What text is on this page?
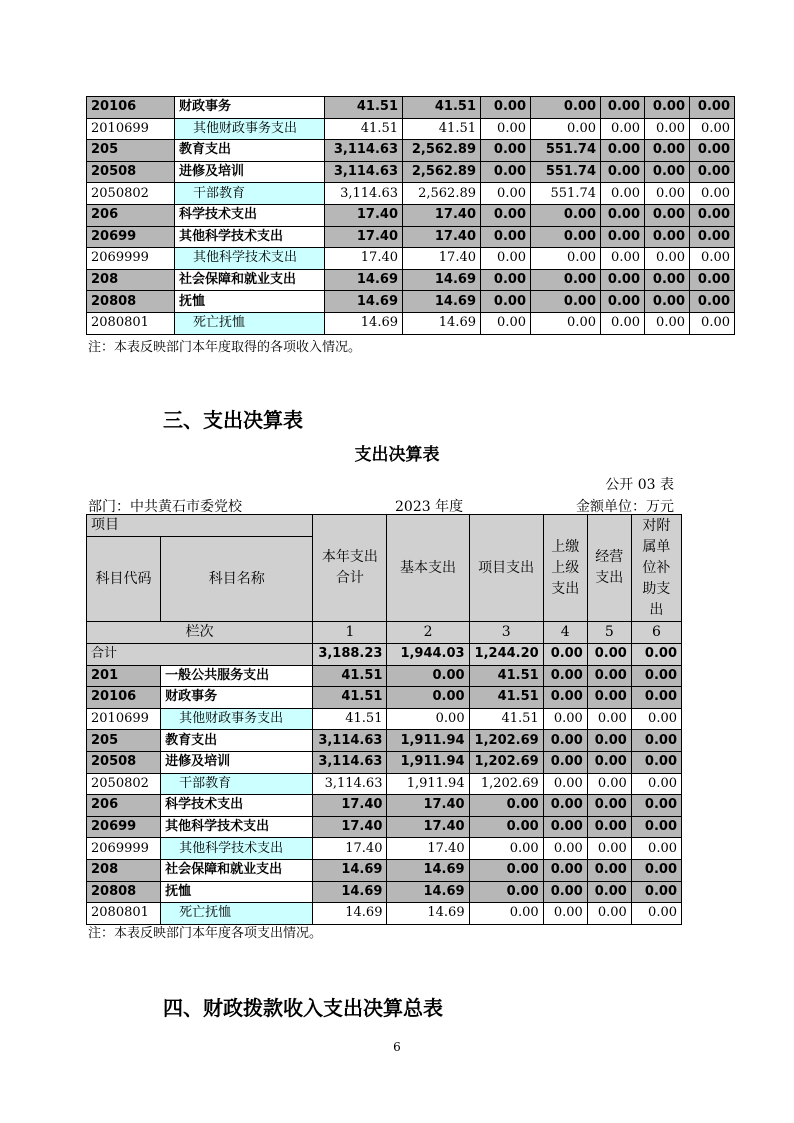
20106	财政事务	41.51	41.51	0.00	0.00	0.00	0.00	0.00
2010699	其他财政事务支出	41.51	41.51	0.00	0.00	0.00	0.00	0.00
205	教育支出	3,114.63	2,562.89	0.00	551.74	0.00	0.00	0.00
20508	进修及培训	3,114.63	2,562.89	0.00	551.74	0.00	0.00	0.00
2050802	干部教育	3,114.63	2,562.89	0.00	551.74	0.00	0.00	0.00
206	科学技术支出	17.40	17.40	0.00	0.00	0.00	0.00	0.00
20699	其他科学技术支出	17.40	17.40	0.00	0.00	0.00	0.00	0.00
2069999	其他科学技术支出	17.40	17.40	0.00	0.00	0.00	0.00	0.00
208	社会保障和就业支出	14.69	14.69	0.00	0.00	0.00	0.00	0.00
20808	抚恤	14.69	14.69	0.00	0.00	0.00	0.00	0.00
2080801	死亡抚恤	14.69	14.69	0.00	0.00	0.00	0.00	0.00
注：本表反映部门本年度取得的各项收入情况。
三、支出决算表
支出决算表
公开 03 表
部门：中共黄石市委党校	2023 年度	金额单位：万元
项目		本年支出合计	基本支出	项目支出	上缴上级支出	经营支出	对附属单位补助支出
科目代码	科目名称						
栏次		1	2	3	4	5	6
合计		3,188.23	1,944.03	1,244.20	0.00	0.00	0.00
201	一般公共服务支出	41.51	0.00	41.51	0.00	0.00	0.00
20106	财政事务	41.51	0.00	41.51	0.00	0.00	0.00
2010699	其他财政事务支出	41.51	0.00	41.51	0.00	0.00	0.00
205	教育支出	3,114.63	1,911.94	1,202.69	0.00	0.00	0.00
20508	进修及培训	3,114.63	1,911.94	1,202.69	0.00	0.00	0.00
2050802	干部教育	3,114.63	1,911.94	1,202.69	0.00	0.00	0.00
206	科学技术支出	17.40	17.40	0.00	0.00	0.00	0.00
20699	其他科学技术支出	17.40	17.40	0.00	0.00	0.00	0.00
2069999	其他科学技术支出	17.40	17.40	0.00	0.00	0.00	0.00
208	社会保障和就业支出	14.69	14.69	0.00	0.00	0.00	0.00
20808	抚恤	14.69	14.69	0.00	0.00	0.00	0.00
2080801	死亡抚恤	14.69	14.69	0.00	0.00	0.00	0.00
注：本表反映部门本年度各项支出情况。
四、财政拨款收入支出决算总表
6
